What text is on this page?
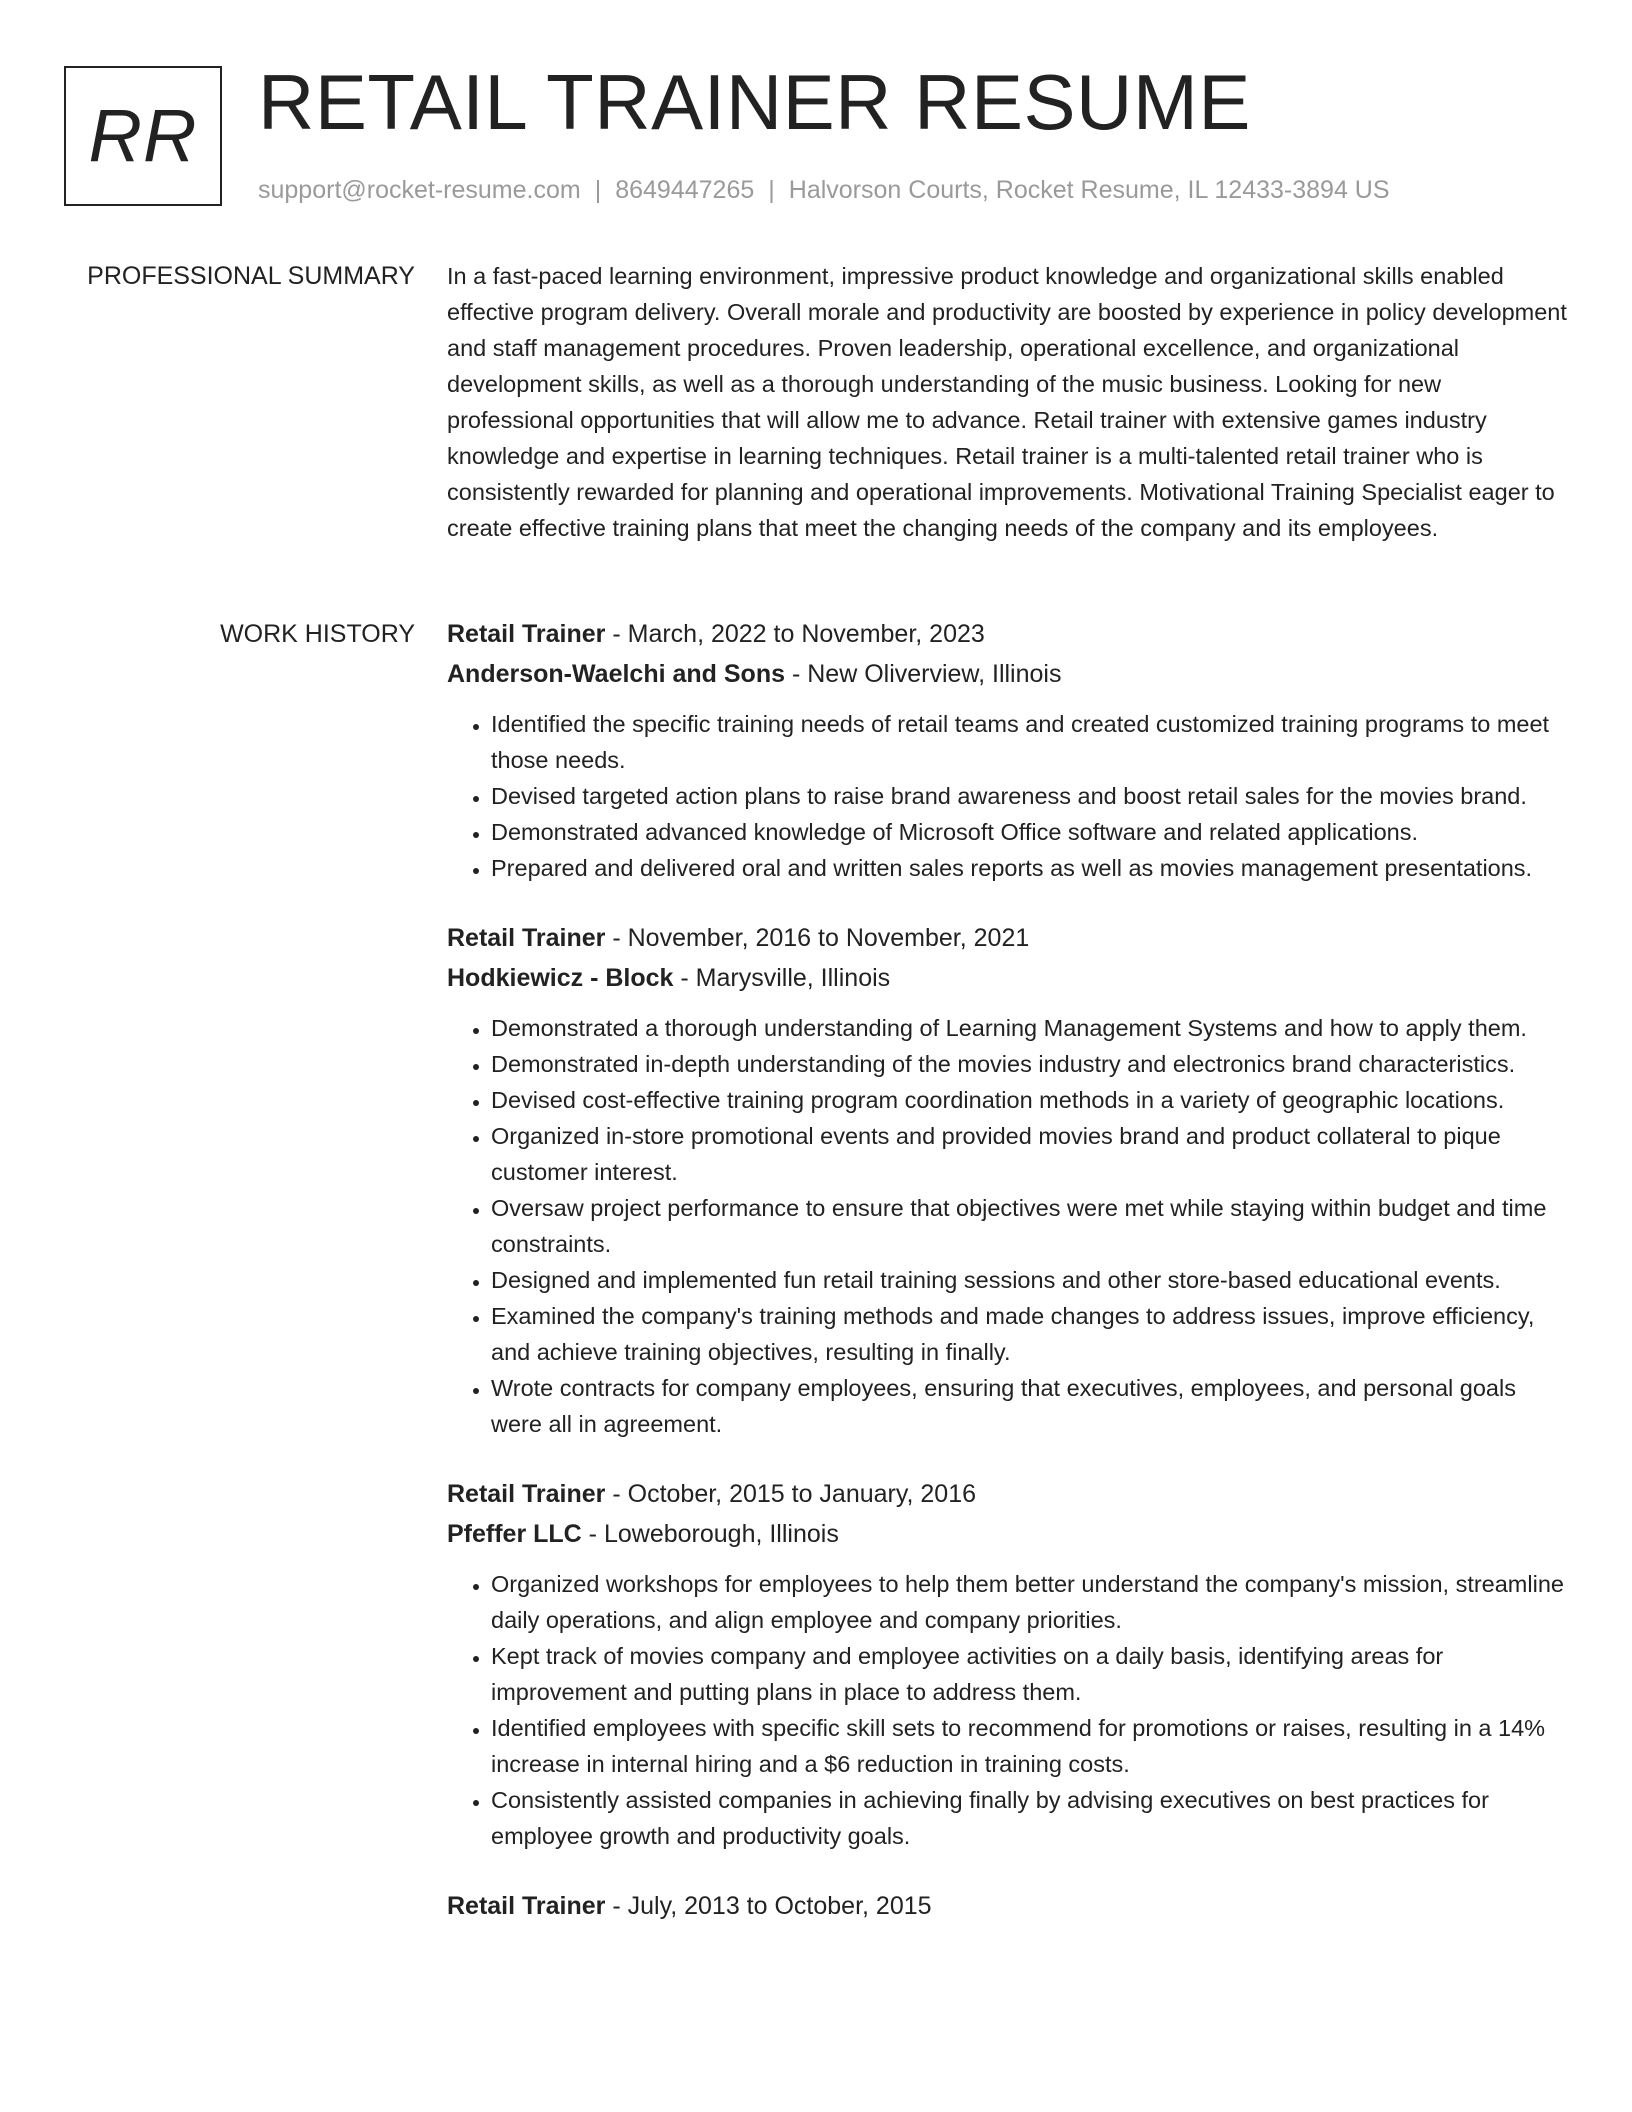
RR RETAIL TRAINER RESUME
support@rocket-resume.com | 8649447265 | Halvorson Courts, Rocket Resume, IL 12433-3894 US
PROFESSIONAL SUMMARY In a fast-paced learning environment, impressive product knowledge and organizational skills enabled effective program delivery. Overall morale and productivity are boosted by experience in policy development and staff management procedures. Proven leadership, operational excellence, and organizational development skills, as well as a thorough understanding of the music business. Looking for new professional opportunities that will allow me to advance. Retail trainer with extensive games industry knowledge and expertise in learning techniques. Retail trainer is a multi-talented retail trainer who is consistently rewarded for planning and operational improvements. Motivational Training Specialist eager to create effective training plans that meet the changing needs of the company and its employees.

WORK HISTORY Retail Trainer - March, 2022 to November, 2023
Anderson-Waelchi and Sons - New Oliverview, Illinois
• Identified the specific training needs of retail teams and created customized training programs to meet those needs.
• Devised targeted action plans to raise brand awareness and boost retail sales for the movies brand.
• Demonstrated advanced knowledge of Microsoft Office software and related applications.
• Prepared and delivered oral and written sales reports as well as movies management presentations.
Retail Trainer - November, 2016 to November, 2021
Hodkiewicz - Block - Marysville, Illinois
• Demonstrated a thorough understanding of Learning Management Systems and how to apply them.
• Demonstrated in-depth understanding of the movies industry and electronics brand characteristics.
• Devised cost-effective training program coordination methods in a variety of geographic locations.
• Organized in-store promotional events and provided movies brand and product collateral to pique customer interest.
• Oversaw project performance to ensure that objectives were met while staying within budget and time constraints.
• Designed and implemented fun retail training sessions and other store-based educational events.
• Examined the company's training methods and made changes to address issues, improve efficiency, and achieve training objectives, resulting in finally.
• Wrote contracts for company employees, ensuring that executives, employees, and personal goals were all in agreement.
Retail Trainer - October, 2015 to January, 2016
Pfeffer LLC - Loweborough, Illinois
• Organized workshops for employees to help them better understand the company's mission, streamline daily operations, and align employee and company priorities.
• Kept track of movies company and employee activities on a daily basis, identifying areas for improvement and putting plans in place to address them.
• Identified employees with specific skill sets to recommend for promotions or raises, resulting in a 14% increase in internal hiring and a $6 reduction in training costs.
• Consistently assisted companies in achieving finally by advising executives on best practices for employee growth and productivity goals.
Retail Trainer - July, 2013 to October, 2015
